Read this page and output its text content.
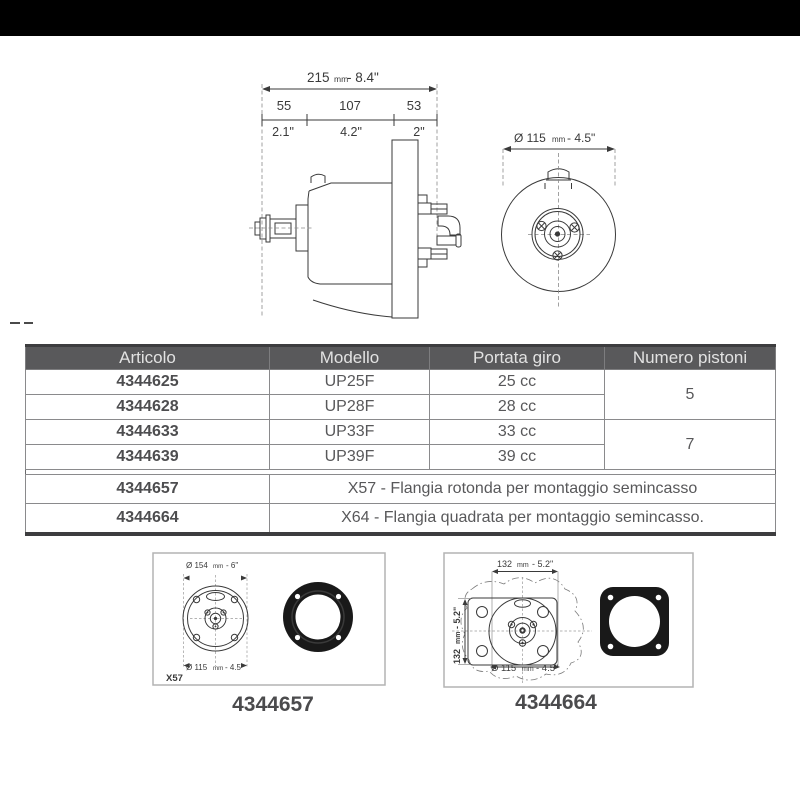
215 mm
- 8.4"
55	107	53
2.1"	4.2"	2"	Ø 115 mm - 4.5"
Articolo	Modello	Portata giro	Numero pistoni
4344625	UP25F	25 cc	5
4344628	UP28F	28 cc	
4344633	UP33F	33 cc	7
4344639	UP39F	39 cc	

4344657	X57 - Flangia rotonda per montaggio semincasso		
4344664	X64 - Flangia quadrata per montaggio semincasso.		
Ø 154 mm - 6"
Ø 115 mm - 4.5"
X57
4344657
132 mm - 5.2"
132
mm
- 5.2"
Ø 115 mm - 4.5"
4344664
